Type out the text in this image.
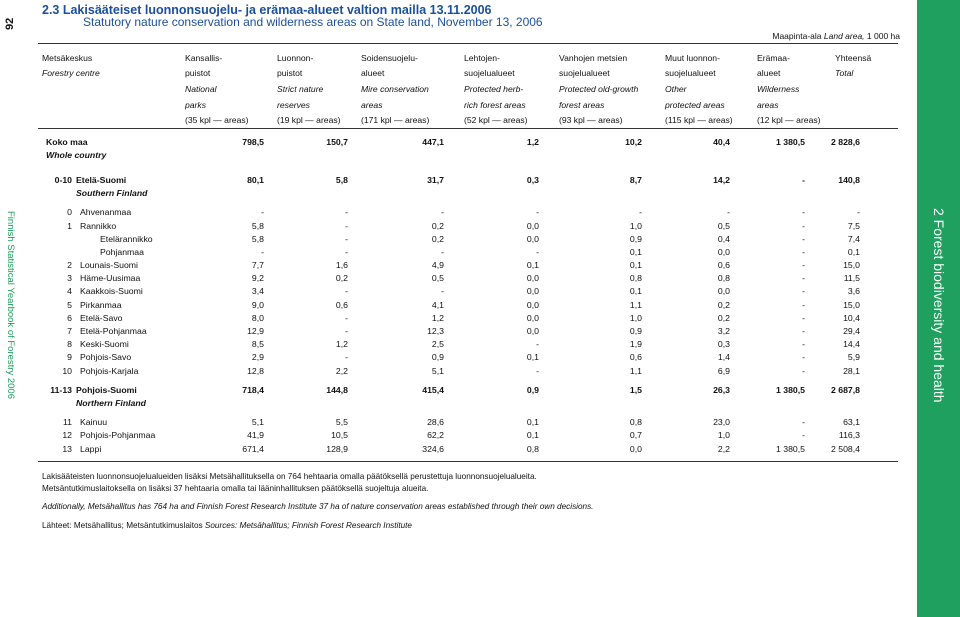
92
Finnish Statistical Yearbook of Forestry 2006	2 Forest biodiversity and health
2.3 Lakisääteiset luonnonsuojelu- ja erämaa-alueet valtion mailla 13.11.2006
Statutory nature conservation and wilderness areas on State land, November 13, 2006
Maapinta-ala Land area, 1 000 ha
Metsäkeskus	Kansallis-	Luonnon-	Soidensuojelu-	Lehtojen-	Vanhojen metsien	Muut luonnon-	Erämaa-	Yhteensä
Forestry centre	puistot	puistot	alueet	suojelualueet	suojelualueet	suojelualueet	alueet	Total
	National	Strict nature	Mire conservation	Protected herb-	Protected old-growth	Other	Wilderness	
	parks	reserves	areas	rich forest areas	forest areas	protected areas	areas	
	(35 kpl — areas)	(19 kpl — areas)	(171 kpl — areas)	(52 kpl — areas)	(93 kpl — areas)	(115 kpl — areas)	(12 kpl — areas)	
	Koko maa	798,5	150,7	447,1	1,2	10,2	40,4	1 380,5	2 828,6
	Whole country								

0-10	Etelä-Suomi	80,1	5,8	31,7	0,3	8,7	14,2	-	140,8
	Southern Finland								

0	Ahvenanmaa	-	-	-	-	-	-	-	-
1	Rannikko	5,8	-	0,2	0,0	1,0	0,5	-	7,5
	Etelärannikko	5,8	-	0,2	0,0	0,9	0,4	-	7,4
	Pohjanmaa	-	-	-	-	0,1	0,0	-	0,1
2	Lounais-Suomi	7,7	1,6	4,9	0,1	0,1	0,6	-	15,0
3	Häme-Uusimaa	9,2	0,2	0,5	0,0	0,8	0,8	-	11,5
4	Kaakkois-Suomi	3,4	-	-	0,0	0,1	0,0	-	3,6
5	Pirkanmaa	9,0	0,6	4,1	0,0	1,1	0,2	-	15,0
6	Etelä-Savo	8,0	-	1,2	0,0	1,0	0,2	-	10,4
7	Etelä-Pohjanmaa	12,9	-	12,3	0,0	0,9	3,2	-	29,4
8	Keski-Suomi	8,5	1,2	2,5	-	1,9	0,3	-	14,4
9	Pohjois-Savo	2,9	-	0,9	0,1	0,6	1,4	-	5,9
10	Pohjois-Karjala	12,8	2,2	5,1	-	1,1	6,9	-	28,1

11-13	Pohjois-Suomi	718,4	144,8	415,4	0,9	1,5	26,3	1 380,5	2 687,8
	Northern Finland								

11	Kainuu	5,1	5,5	28,6	0,1	0,8	23,0	-	63,1
12	Pohjois-Pohjanmaa	41,9	10,5	62,2	0,1	0,7	1,0	-	116,3
13	Lappi	671,4	128,9	324,6	0,8	0,0	2,2	1 380,5	2 508,4
Lakisääteisten luonnonsuojelualueiden lisäksi Metsähallituksella on 764 hehtaaria omalla päätöksellä perustettuja luonnonsuojelualueita.
Metsäntutkimuslaitoksella on lisäksi 37 hehtaaria omalla tai lääninhallituksen päätöksellä suojeltuja alueita.
Additionally, Metsähallitus has 764 ha and Finnish Forest Research Institute 37 ha of nature conservation areas established through their own decisions.
Lähteet: Metsähallitus; Metsäntutkimuslaitos Sources: Metsähallitus; Finnish Forest Research Institute
